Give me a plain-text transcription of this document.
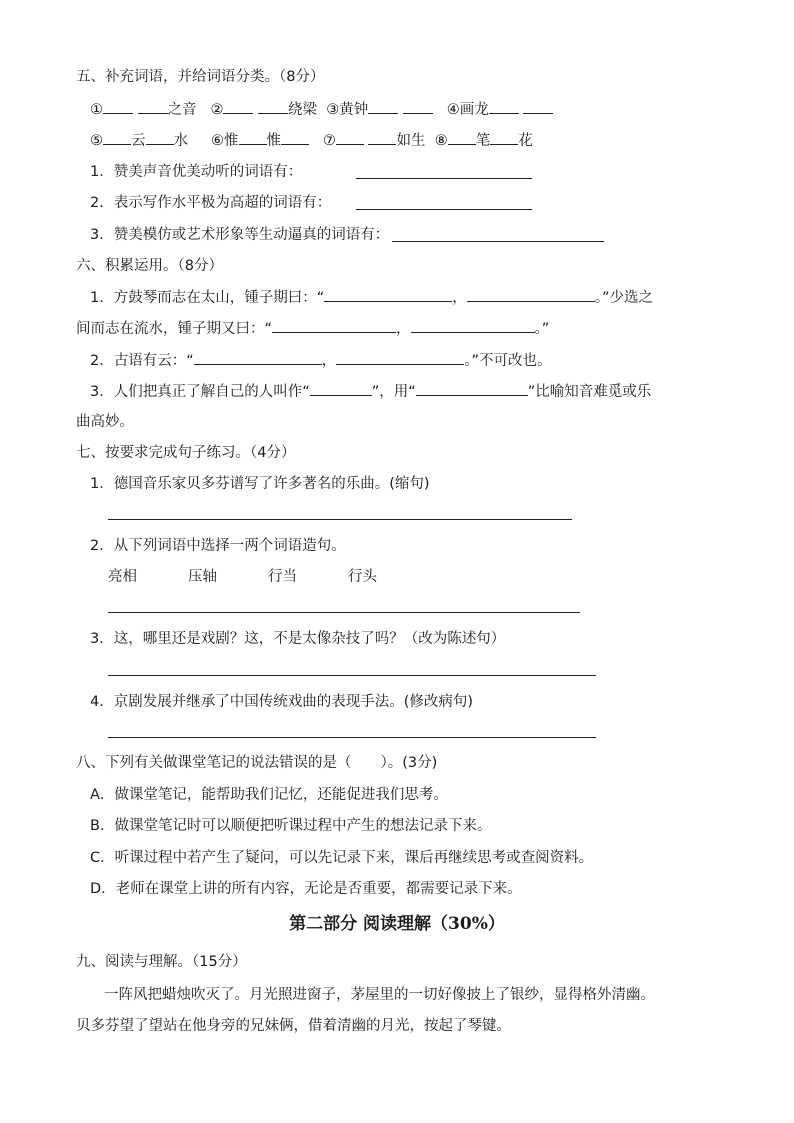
五、补充词语，并给词语分类。（8分）
①	之音 ②	绕梁 ③黄钟	④画龙
⑤ 云 水 ⑥惟 惟	⑦	如生 ⑧ 笔 花
1．赞美声音优美动听的词语有：
2．表示写作水平极为高超的词语有：
3．赞美模仿或艺术形象等生动逼真的词语有：
六、积累运用。（8分）
1．方鼓琴而志在太山，锺子期曰：“	，	。”少选之
间而志在流水，锺子期又曰：“	，	。”
2．古语有云：“	，	。”不可改也。
3．人们把真正了解自己的人叫作“	”，用“	”比喻知音难觅或乐
曲高妙。
七、按要求完成句子练习。（4分）
1．德国音乐家贝多芬谱写了许多著名的乐曲。(缩句)
2．从下列词语中选择一两个词语造句。
亮相	压轴	行当	行头
3．这，哪里还是戏剧？这，不是太像杂技了吗？（改为陈述句）
4．京剧发展并继承了中国传统戏曲的表现手法。(修改病句)
八、下列有关做课堂笔记的说法错误的是（　　）。(3分)
A．做课堂笔记，能帮助我们记忆，还能促进我们思考。
B．做课堂笔记时可以顺便把听课过程中产生的想法记录下来。
C．听课过程中若产生了疑问，可以先记录下来，课后再继续思考或查阅资料。
D．老师在课堂上讲的所有内容，无论是否重要，都需要记录下来。
第二部分 阅读理解（30%）
九、阅读与理解。（15分）
一阵风把蜡烛吹灭了。月光照进窗子，茅屋里的一切好像披上了银纱，显得格外清幽。
贝多芬望了望站在他身旁的兄妹俩，借着清幽的月光，按起了琴键。
